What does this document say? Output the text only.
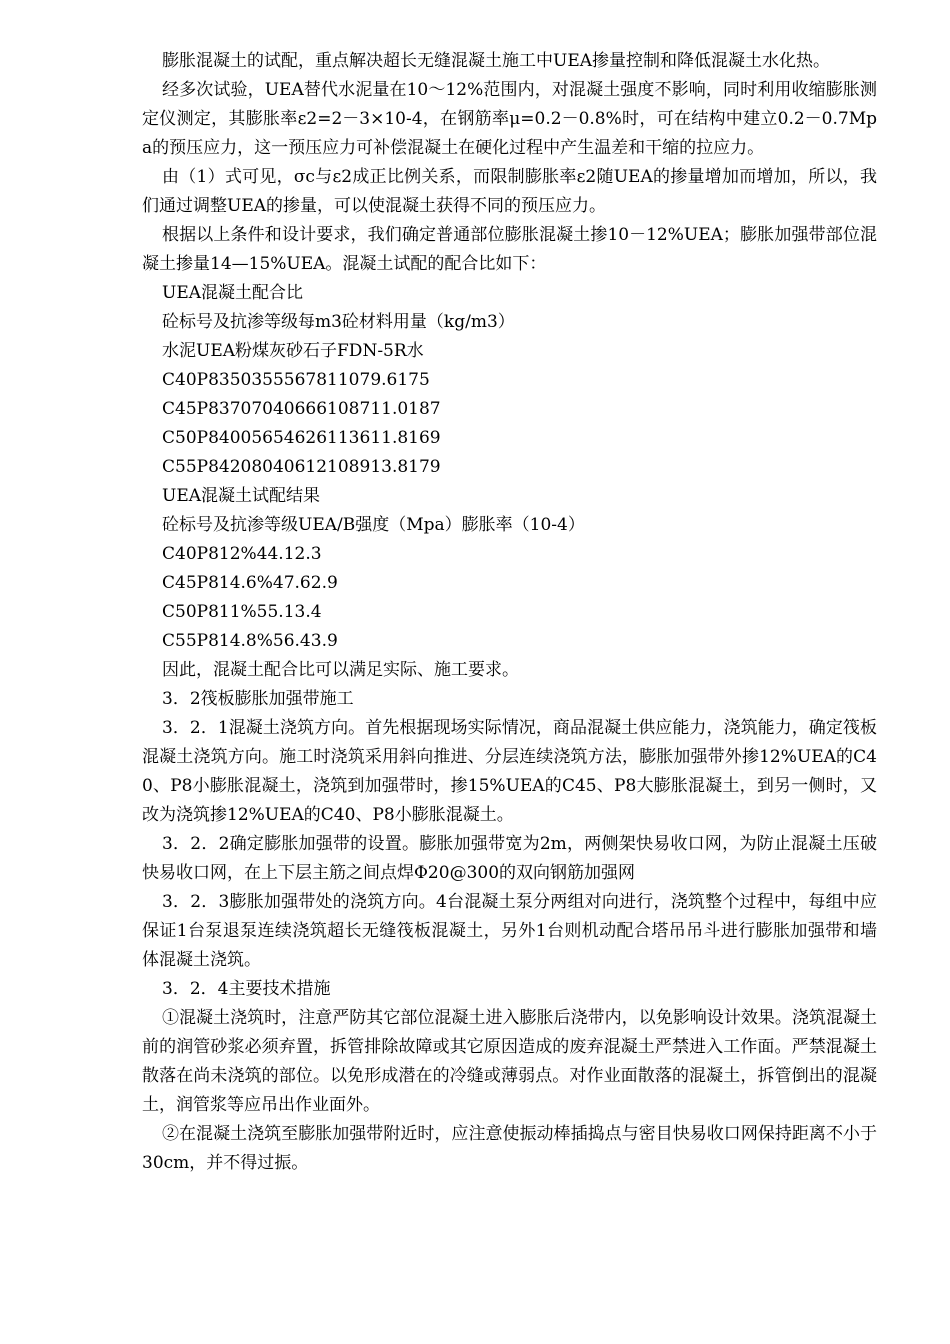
膨胀混凝土的试配，重点解决超长无缝混凝土施工中UEA掺量控制和降低混凝土水化热。

经多次试验，UEA替代水泥量在10～12%范围内，对混凝土强度不影响，同时利用收缩膨胀测定仪测定，其膨胀率ε2=2－3×10-4，在钢筋率μ=0.2－0.8%时，可在结构中建立0.2－0.7Mpa的预压应力，这一预压应力可补偿混凝土在硬化过程中产生温差和干缩的拉应力。

由（1）式可见，σc与ε2成正比例关系，而限制膨胀率ε2随UEA的掺量增加而增加，所以，我们通过调整UEA的掺量，可以使混凝土获得不同的预压应力。

根据以上条件和设计要求，我们确定普通部位膨胀混凝土掺10－12%UEA；膨胀加强带部位混凝土掺量14—15%UEA。混凝土试配的配合比如下：

UEA混凝土配合比

砼标号及抗渗等级每m3砼材料用量（kg/m3）

水泥UEA粉煤灰砂石子FDN-5R水

C40P8350355567811079.6175

C45P83707040666108711.0187

C50P84005654626113611.8169

C55P84208040612108913.8179

UEA混凝土试配结果

砼标号及抗渗等级UEA/B强度（Mpa）膨胀率（10-4）

C40P812%44.12.3

C45P814.6%47.62.9

C50P811%55.13.4

C55P814.8%56.43.9

因此，混凝土配合比可以满足实际、施工要求。

3．2筏板膨胀加强带施工

3．2．1混凝土浇筑方向。首先根据现场实际情况，商品混凝土供应能力，浇筑能力，确定筏板混凝土浇筑方向。施工时浇筑采用斜向推进、分层连续浇筑方法，膨胀加强带外掺12%UEA的C40、P8小膨胀混凝土，浇筑到加强带时，掺15%UEA的C45、P8大膨胀混凝土，到另一侧时，又改为浇筑掺12%UEA的C40、P8小膨胀混凝土。

3．2．2确定膨胀加强带的设置。膨胀加强带宽为2m，两侧架快易收口网，为防止混凝土压破快易收口网，在上下层主筋之间点焊Φ20@300的双向钢筋加强网

3．2．3膨胀加强带处的浇筑方向。4台混凝土泵分两组对向进行，浇筑整个过程中，每组中应保证1台泵退泵连续浇筑超长无缝筏板混凝土，另外1台则机动配合塔吊吊斗进行膨胀加强带和墙体混凝土浇筑。

3．2．4主要技术措施

①混凝土浇筑时，注意严防其它部位混凝土进入膨胀后浇带内，以免影响设计效果。浇筑混凝土前的润管砂浆必须弃置，拆管排除故障或其它原因造成的废弃混凝土严禁进入工作面。严禁混凝土散落在尚未浇筑的部位。以免形成潜在的冷缝或薄弱点。对作业面散落的混凝土，拆管倒出的混凝土，润管浆等应吊出作业面外。

②在混凝土浇筑至膨胀加强带附近时，应注意使振动棒插捣点与密目快易收口网保持距离不小于30cm，并不得过振。
